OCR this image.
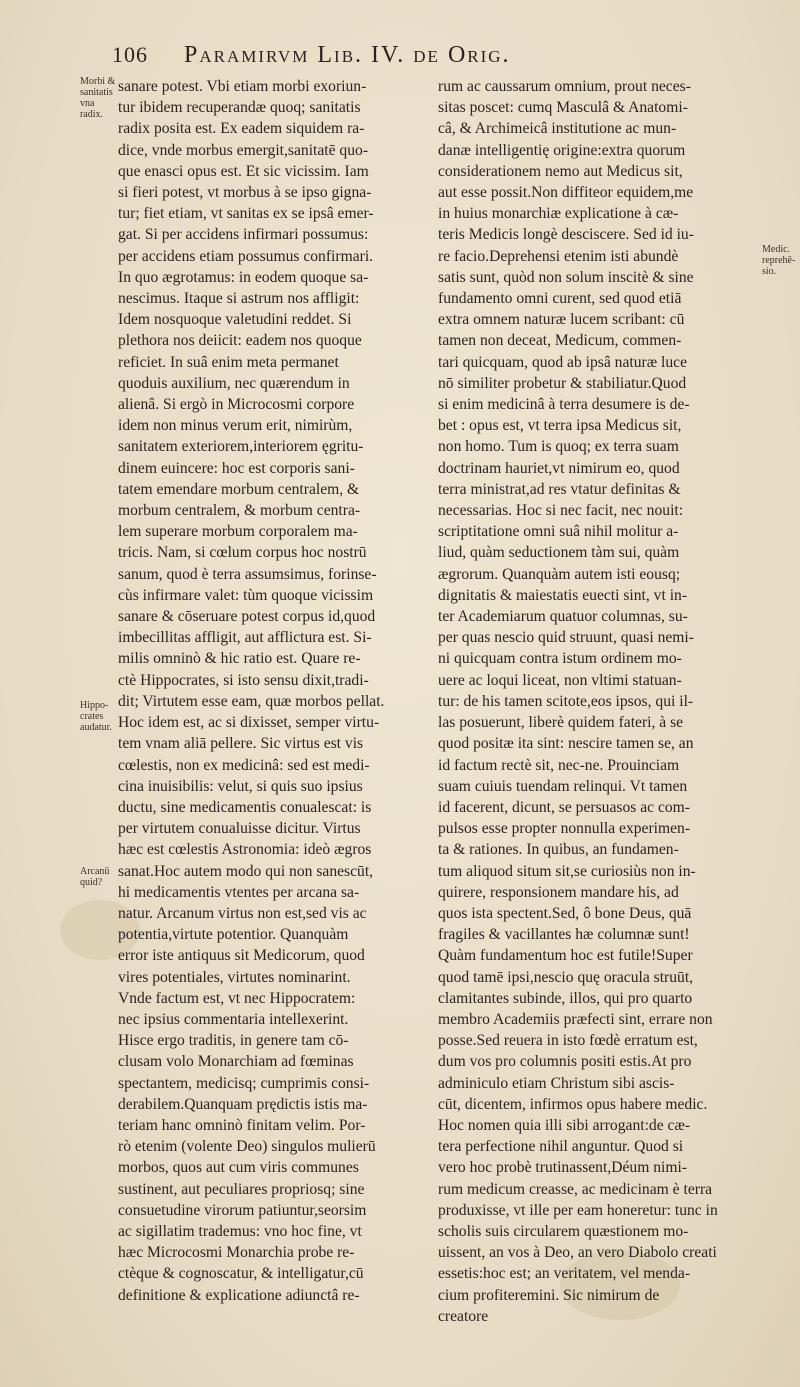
106 Paramirvm Lib. IV. de Orig.
Morbi & sanitatis vna radix.
Medic. reprehē-sio.
Hippo-crates audatur.
Arcanū quid?
sanare potest. Vbi etiam morbi exoriun-
tur ibidem recuperandæ quoq; sanitatis
radix posita est. Ex eadem siquidem ra-
dice, vnde morbus emergit,sanitatē quo-
que enasci opus est. Et sic vicissim. Iam
si fieri potest, vt morbus à se ipso gigna-
tur; fiet etiam, vt sanitas ex se ipsâ emer-
gat. Si per accidens infirmari possumus:
per accidens etiam possumus confirmari.
In quo ægrotamus: in eodem quoque sa-
nescimus. Itaque si astrum nos affligit:
Idem nosquoque valetudini reddet. Si
plethora nos deiicit: eadem nos quoque
reficiet. In suâ enim meta permanet
quoduis auxilium, nec quærendum in
alienâ. Si ergò in Microcosmi corpore
idem non minus verum erit, nimirùm,
sanitatem exteriorem,interiorem ęgritu-
dinem euincere: hoc est corporis sani-
tatem emendare morbum centralem, &
morbum centralem, & morbum centra-
lem superare morbum corporalem ma-
tricis. Nam, si cœlum corpus hoc nostrū
sanum, quod è terra assumsimus, forinse-
cùs infirmare valet: tùm quoque vicissim
sanare & cōseruare potest corpus id,quod
imbecillitas affligit, aut afflictura est. Si-
milis omninò & hic ratio est. Quare re-
ctè Hippocrates, si isto sensu dixit,tradi-
dit; Virtutem esse eam, quæ morbos pellat.
Hoc idem est, ac si dixisset, semper virtu-
tem vnam aliā pellere. Sic virtus est vis
cœlestis, non ex medicinâ: sed est medi-
cina inuisibilis: velut, si quis suo ipsius
ductu, sine medicamentis conualescat: is
per virtutem conualuisse dicitur. Virtus
hæc est cœlestis Astronomia: ideò ægros
sanat.Hoc autem modo qui non sanescūt,
hi medicamentis vtentes per arcana sa-
natur. Arcanum virtus non est,sed vis ac
potentia,virtute potentior. Quanquàm
error iste antiquus sit Medicorum, quod
vires potentiales, virtutes nominarint.
Vnde factum est, vt nec Hippocratem:
nec ipsius commentaria intellexerint.
Hisce ergo traditis, in genere tam cō-
clusam volo Monarchiam ad fœminas
spectantem, medicisq; cumprimis consi-
derabilem.Quanquam prędictis istis ma-
teriam hanc omninò finitam velim. Por-
rò etenim (volente Deo) singulos mulierū
morbos, quos aut cum viris communes
sustinent, aut peculiares propriosq; sine
consuetudine virorum patiuntur,seorsim
ac sigillatim trademus: vno hoc fine, vt
hæc Microcosmi Monarchia probe re-
ctèque & cognoscatur, & intelligatur,cū
definitione & explicatione adiunctâ re-
rum ac caussarum omnium, prout neces-
sitas poscet: cumq Masculâ & Anatomi-
câ, & Archimeicâ institutione ac mun-
danæ intelligentię origine:extra quorum
considerationem nemo aut Medicus sit,
aut esse possit.Non diffiteor equidem,me
in huius monarchiæ explicatione à cæ-
teris Medicis longè desciscere. Sed id iu-
re facio.Deprehensi etenim isti abundè
satis sunt, quòd non solum inscitè & sine
fundamento omni curent, sed quod etiā
extra omnem naturæ lucem scribant: cū
tamen non deceat, Medicum, commen-
tari quicquam, quod ab ipsâ naturæ luce
nō similiter probetur & stabiliatur.Quod
si enim medicinâ à terra desumere is de-
bet : opus est, vt terra ipsa Medicus sit,
non homo. Tum is quoq; ex terra suam
doctrinam hauriet,vt nimirum eo, quod
terra ministrat,ad res vtatur definitas &
necessarias. Hoc si nec facit, nec nouit:
scriptitatione omni suâ nihil molitur a-
liud, quàm seductionem tàm sui, quàm
ægrorum. Quanquàm autem isti eousq;
dignitatis & maiestatis euecti sint, vt in-
ter Academiarum quatuor columnas, su-
per quas nescio quid struunt, quasi nemi-
ni quicquam contra istum ordinem mo-
uere ac loqui liceat, non vltimi statuan-
tur: de his tamen scitote,eos ipsos, qui il-
las posuerunt, liberè quidem fateri, à se
quod positæ ita sint: nescire tamen se, an
id factum rectè sit, nec-ne. Prouinciam
suam cuiuis tuendam relinqui. Vt tamen
id facerent, dicunt, se persuasos ac com-
pulsos esse propter nonnulla experimen-
ta & rationes. In quibus, an fundamen-
tum aliquod situm sit,se curiosiùs non in-
quirere, responsionem mandare his, ad
quos ista spectent.Sed, ô bone Deus, quā
fragiles & vacillantes hæ columnæ sunt!
Quàm fundamentum hoc est futile!Super
quod tamē ipsi,nescio quę oracula struūt,
clamitantes subinde, illos, qui pro quarto
membro Academiis præfecti sint, errare non
posse.Sed reuera in isto fœdè erratum est,
dum vos pro columnis positi estis.At pro
adminiculo etiam Christum sibi ascis-
cūt, dicentem, infirmos opus habere medic.
Hoc nomen quia illi sibi arrogant:de cæ-
tera perfectione nihil anguntur. Quod si
vero hoc probè trutinassent,Déum nimi-
rum medicum creasse, ac medicinam è terra
produxisse, vt ille per eam honeretur: tunc in
scholis suis circularem quæstionem mo-
uissent, an vos à Deo, an vero Diabolo creati
essetis:hoc est; an veritatem, vel menda-
cium profiteremini. Sic nimirum de
creatore
